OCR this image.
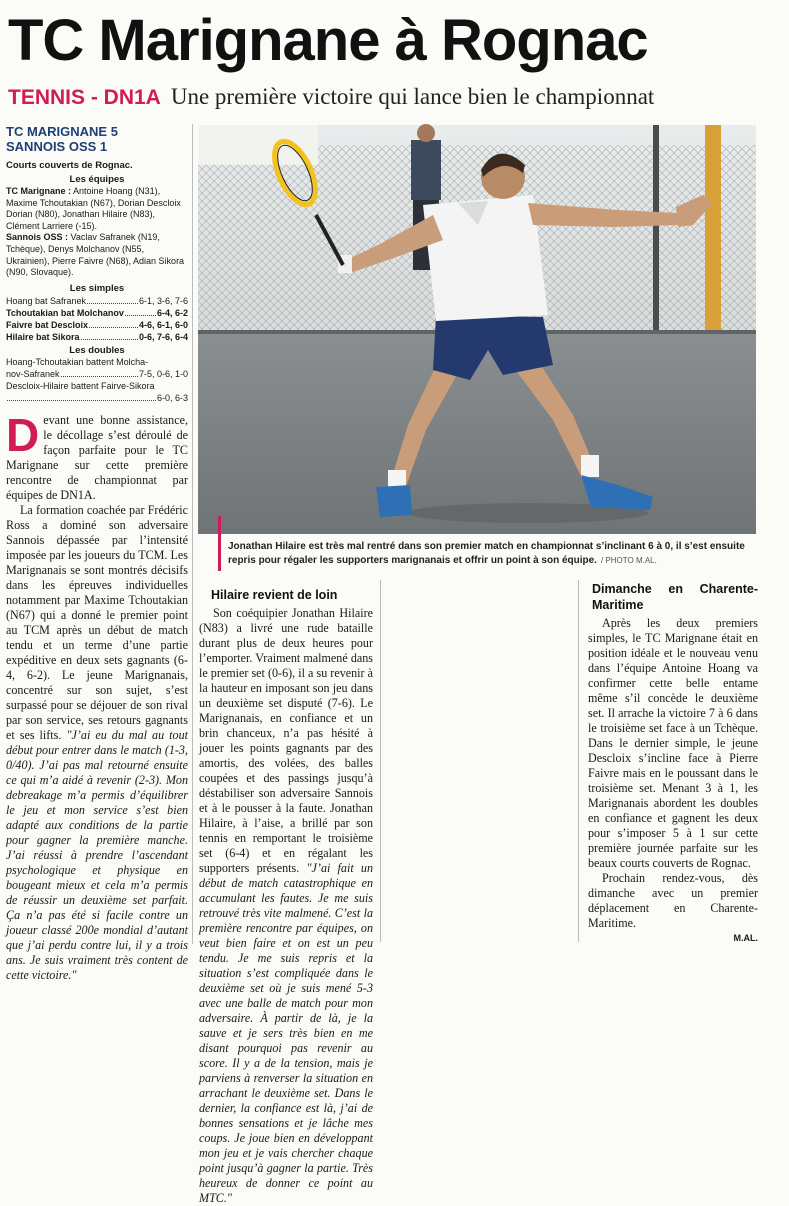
TC Marignane à Rognac
TENNIS - DN1A Une première victoire qui lance bien le championnat
TC MARIGNANE 5
SANNOIS OSS 1
Courts couverts de Rognac.
Les équipes
TC Marignane : Antoine Hoang (N31), Maxime Tchoutakian (N67), Dorian Descloix Dorian (N80), Jonathan Hilaire (N83), Clément Larriere (-15).
Sannois OSS : Vaclav Safranek (N19, Tchèque), Denys Molchanov (N55, Ukrainien), Pierre Faivre (N68), Adian Sikora (N90, Slovaque).
Les simples
Hoang bat Safranek	6-1, 3-6, 7-6
Tchoutakian bat Molchanov	6-4, 6-2
Faivre bat Descloix	4-6, 6-1, 6-0
Hilaire bat Sikora	0-6, 7-6, 6-4
Les doubles
Hoang-Tchoutakian battent Molcha-
nov-Safranek	7-5, 0-6, 1-0
Descloix-Hilaire battent Fairve-Sikora
6-0, 6-3
Jonathan Hilaire est très mal rentré dans son premier match en championnat s’inclinant 6 à 0, il s’est ensuite repris pour régaler les supporters marignanais et offrir un point à son équipe. / PHOTO M.AL.

Devant une bonne assistance, le décollage s’est déroulé de façon parfaite pour le TC Marignane sur cette première rencontre de championnat par équipes de DN1A.

La formation coachée par Frédéric Ross a dominé son adversaire Sannois dépassée par l’intensité imposée par les joueurs du TCM. Les Marignanais se sont montrés décisifs dans les épreuves individuelles notamment par Maxime Tchoutakian (N67) qui a donné le premier point au TCM après un début de match tendu et un terme d’une partie expéditive en deux sets gagnants (6-4, 6-2). Le jeune Marignanais, concentré sur son sujet, s’est surpassé pour se déjouer de son rival par son service, ses retours gagnants et ses lifts. "J’ai eu du mal au tout début pour entrer dans le match (1-3, 0/40). J’ai pas mal retourné ensuite ce qui m’a aidé à revenir (2-3). Mon debreakage m’a permis d’équilibrer le jeu et mon service s’est bien adapté aux conditions de la partie pour gagner la première manche. J’ai réussi à prendre l’ascendant psychologique et physique en bougeant mieux et cela m’a permis de réussir un deuxième set parfait. Ça n’a pas été si facile contre un joueur classé 200e mondial d’autant que j’ai perdu contre lui, il y a trois ans. Je suis vraiment très content de cette victoire."

Hilaire revient de loin

Son coéquipier Jonathan Hilaire (N83) a livré une rude bataille durant plus de deux heures pour l’emporter. Vraiment malmené dans le premier set (0-6), il a su revenir à la hauteur en imposant son jeu dans un deuxième set disputé (7-6). Le Marignanais, en confiance et un brin chanceux, n’a pas hésité à jouer les points gagnants par des amortis, des volées, des balles coupées et des passings jusqu’à déstabiliser son adversaire Sannois et à le pousser à la faute. Jonathan Hilaire, à l’aise, a brillé par son tennis en remportant le troisième set (6-4) et en régalant les supporters présents. "J’ai fait un début de match catastrophique en accumulant les fautes. Je me suis retrouvé très vite malmené. C’est la première rencontre par équipes, on veut bien faire et on est un peu tendu. Je me suis repris et la situation s’est compliquée dans le deuxième set où je suis mené 5-3 avec une balle de match pour mon adversaire. À partir de là, je la sauve et je sers très bien en me disant pourquoi pas revenir au score. Il y a de la tension, mais je parviens à renverser la situation en arrachant le deuxième set. Dans le dernier, la confiance est là, j’ai de bonnes sensations et je lâche mes coups. Je joue bien en développant mon jeu et je vais chercher chaque point jusqu’à gagner la partie. Très heureux de donner ce point au MTC."

Dimanche en Charente-Maritime

Après les deux premiers simples, le TC Marignane était en position idéale et le nouveau venu dans l’équipe Antoine Hoang va confirmer cette belle entame même s’il concède le deuxième set. Il arrache la victoire 7 à 6 dans le troisième set face à un Tchèque. Dans le dernier simple, le jeune Descloix s’incline face à Pierre Faivre mais en le poussant dans le troisième set. Menant 3 à 1, les Marignanais abordent les doubles en confiance et gagnent les deux pour s’imposer 5 à 1 sur cette première journée parfaite sur les beaux courts couverts de Rognac.

Prochain rendez-vous, dès dimanche avec un premier déplacement en Charente-Maritime.

M.AL.
